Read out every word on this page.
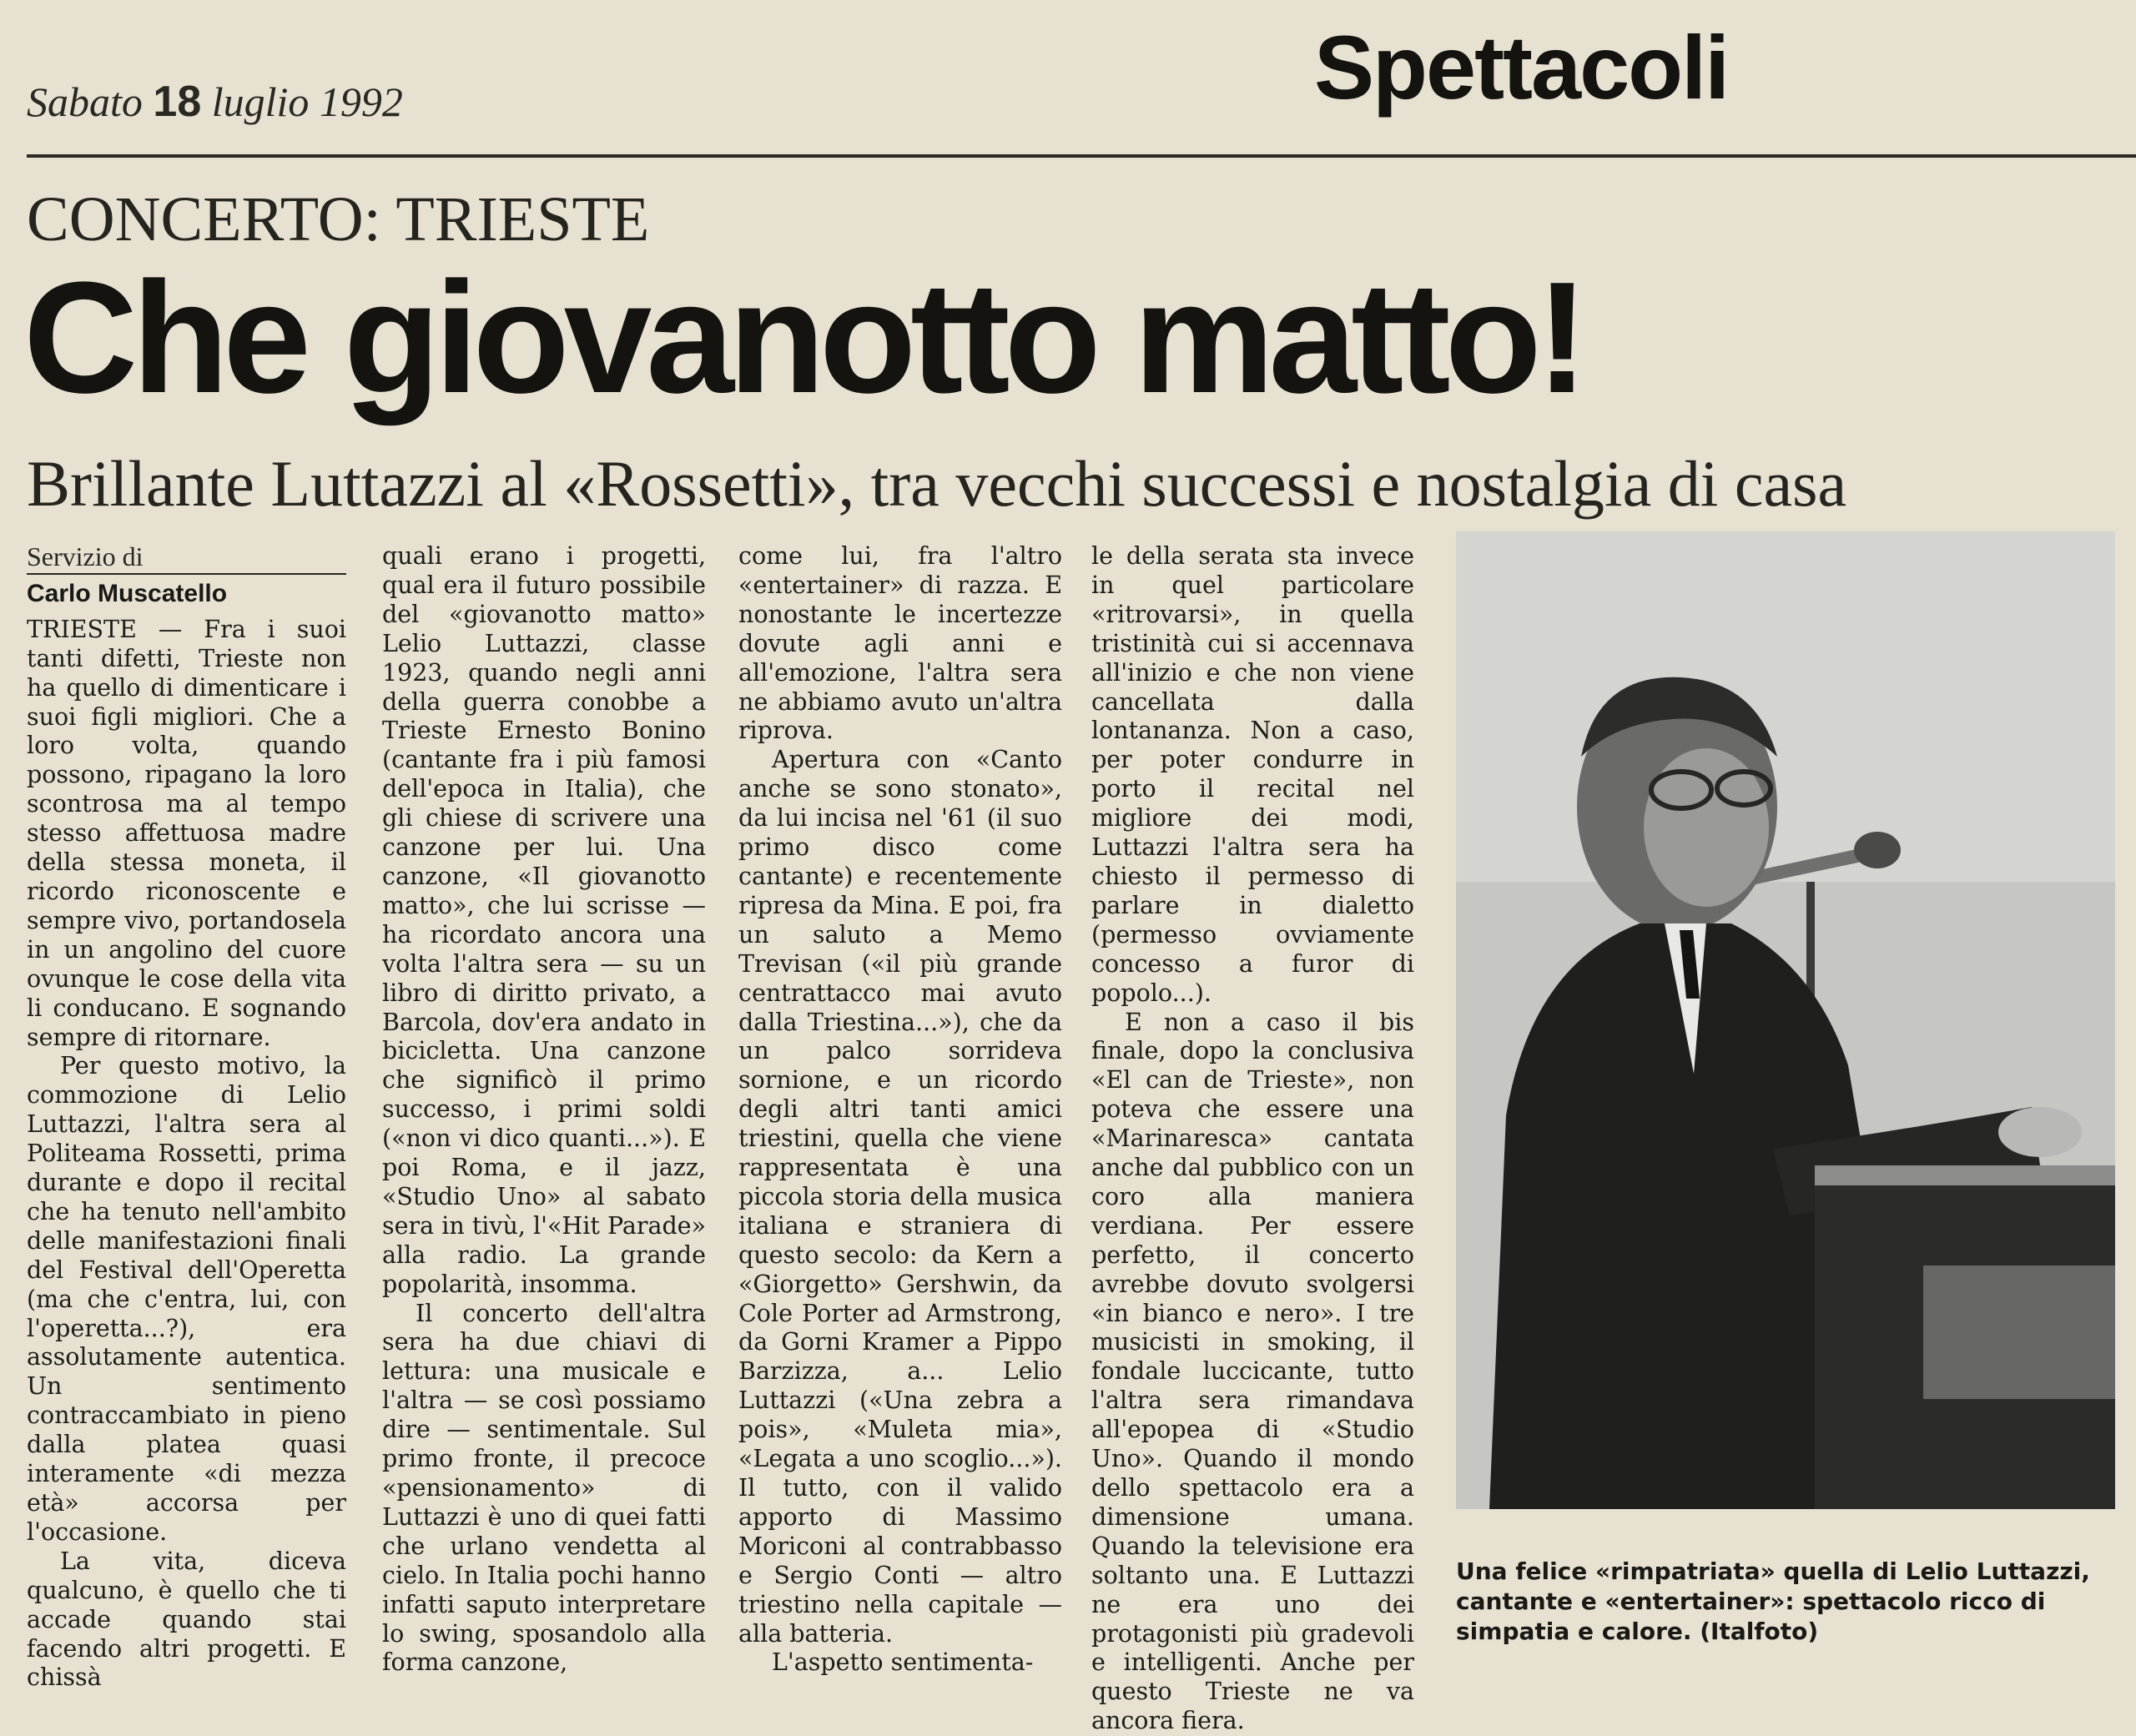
Sabato 18 luglio 1992	Spettacoli
CONCERTO: TRIESTE
Che giovanotto matto!
Brillante Luttazzi al «Rossetti», tra vecchi successi e nostalgia di casa
Servizio di
Carlo Muscatello

TRIESTE — Fra i suoi tanti difetti, Trieste non ha quello di dimenticare i suoi figli migliori. Che a loro volta, quando possono, ripagano la loro scontrosa ma al tempo stesso affettuosa madre della stessa moneta, il ricordo riconoscente e sempre vivo, portandosela in un angolino del cuore ovunque le cose della vita li conducano. E sognando sempre di ritornare.

Per questo motivo, la commozione di Lelio Luttazzi, l'altra sera al Politeama Rossetti, prima durante e dopo il recital che ha tenuto nell'ambito delle manifestazioni finali del Festival dell'Operetta (ma che c'entra, lui, con l'operetta...?), era assolutamente autentica. Un sentimento contraccambiato in pieno dalla platea quasi interamente «di mezza età» accorsa per l'occasione.

La vita, diceva qualcuno, è quello che ti accade quando stai facendo altri progetti. E chissà

quali erano i progetti, qual era il futuro possibile del «giovanotto matto» Lelio Luttazzi, classe 1923, quando negli anni della guerra conobbe a Trieste Ernesto Bonino (cantante fra i più famosi dell'epoca in Italia), che gli chiese di scrivere una canzone per lui. Una canzone, «Il giovanotto matto», che lui scrisse — ha ricordato ancora una volta l'altra sera — su un libro di diritto privato, a Barcola, dov'era andato in bicicletta. Una canzone che significò il primo successo, i primi soldi («non vi dico quanti...»). E poi Roma, e il jazz, «Studio Uno» al sabato sera in tivù, l'«Hit Parade» alla radio. La grande popolarità, insomma.

Il concerto dell'altra sera ha due chiavi di lettura: una musicale e l'altra — se così possiamo dire — sentimentale. Sul primo fronte, il precoce «pensionamento» di Luttazzi è uno di quei fatti che urlano vendetta al cielo. In Italia pochi hanno infatti saputo interpretare lo swing, sposandolo alla forma canzone,

come lui, fra l'altro «entertainer» di razza. E nonostante le incertezze dovute agli anni e all'emozione, l'altra sera ne abbiamo avuto un'altra riprova.

Apertura con «Canto anche se sono stonato», da lui incisa nel '61 (il suo primo disco come cantante) e recentemente ripresa da Mina. E poi, fra un saluto a Memo Trevisan («il più grande centrattacco mai avuto dalla Triestina...»), che da un palco sorrideva sornione, e un ricordo degli altri tanti amici triestini, quella che viene rappresentata è una piccola storia della musica italiana e straniera di questo secolo: da Kern a «Giorgetto» Gershwin, da Cole Porter ad Armstrong, da Gorni Kramer a Pippo Barzizza, a... Lelio Luttazzi («Una zebra a pois», «Muleta mia», «Legata a uno scoglio...»). Il tutto, con il valido apporto di Massimo Moriconi al contrabbasso e Sergio Conti — altro triestino nella capitale — alla batteria.

L'aspetto sentimenta-

le della serata sta invece in quel particolare «ritrovarsi», in quella tristinità cui si accennava all'inizio e che non viene cancellata dalla lontananza. Non a caso, per poter condurre in porto il recital nel migliore dei modi, Luttazzi l'altra sera ha chiesto il permesso di parlare in dialetto (permesso ovviamente concesso a furor di popolo...).

E non a caso il bis finale, dopo la conclusiva «El can de Trieste», non poteva che essere una «Marinaresca» cantata anche dal pubblico con un coro alla maniera verdiana. Per essere perfetto, il concerto avrebbe dovuto svolgersi «in bianco e nero». I tre musicisti in smoking, il fondale luccicante, tutto l'altra sera rimandava all'epopea di «Studio Uno». Quando il mondo dello spettacolo era a dimensione umana. Quando la televisione era soltanto una. E Luttazzi ne era uno dei protagonisti più gradevoli e intelligenti. Anche per questo Trieste ne va ancora fiera.

Una felice «rimpatriata» quella di Lelio Luttazzi, cantante e «entertainer»: spettacolo ricco di simpatia e calore. (Italfoto)
